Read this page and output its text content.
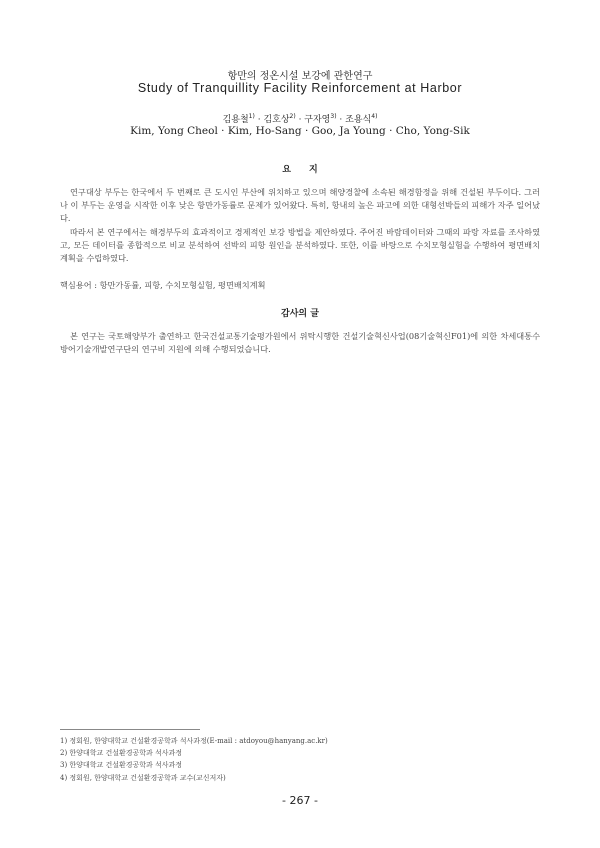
항만의 정온시설 보강에 관한연구
Study of Tranquillity Facility Reinforcement at Harbor
김용철$^{1)}$ · 김호상$^{2)}$ · 구자영$^{3)}$ · 조용식$^{4)}$
Kim, Yong Cheol · Kim, Ho-Sang · Goo, Ja Young · Cho, Yong-Sik
요지

연구대상 부두는 한국에서 두 번째로 큰 도시인 부산에 위치하고 있으며 해양경찰에 소속된 해경함정을 위해 건설된 부두이다. 그러나 이 부두는 운영을 시작한 이후 낮은 항만가동률로 문제가 있어왔다. 특히, 항내의 높은 파고에 의한 대형선박들의 피해가 자주 일어났다.

따라서 본 연구에서는 해경부두의 효과적이고 경제적인 보강 방법을 제안하였다. 주어진 바람데이터와 그때의 파랑 자료를 조사하였고, 모든 데이터를 종합적으로 비교 분석하여 선박의 피항 원인을 분석하였다. 또한, 이를 바탕으로 수치모형실험을 수행하여 평면배치계획을 수립하였다.

핵심용어 : 항만가동률, 피항, 수치모형실험, 평면배치계획
감사의 글

본 연구는 국토해양부가 출연하고 한국건설교통기술평가원에서 위탁시행한 건설기술혁신사업(08기술혁신F01)에 의한 차세대통수방어기술개발연구단의 연구비 지원에 의해 수행되었습니다.

1) 정회원, 한양대학교 건설환경공학과 석사과정(E-mail : atdoyou@hanyang.ac.kr)
2) 한양대학교 건설환경공학과 석사과정
3) 한양대학교 건설환경공학과 석사과정
4) 정회원, 한양대학교 건설환경공학과 교수(교신저자)
- 267 -
